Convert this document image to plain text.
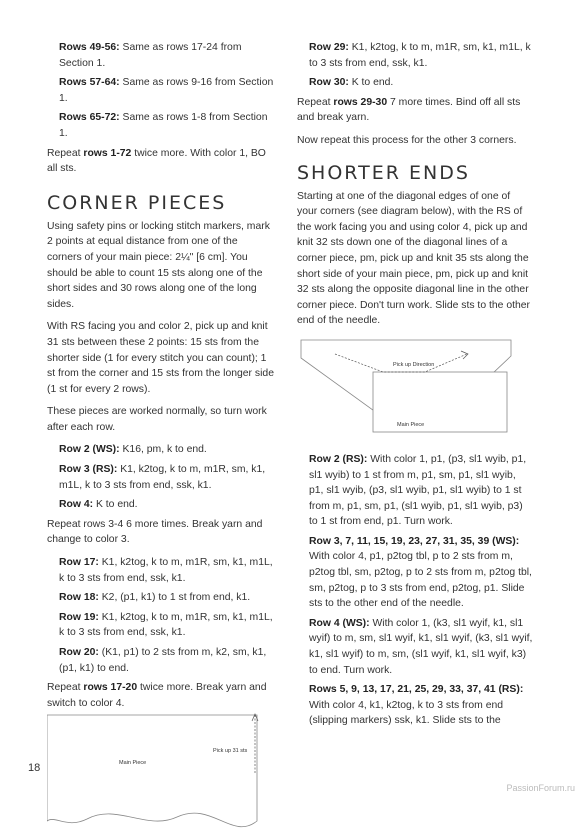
Rows 49-56: Same as rows 17-24 from Section 1.

Rows 57-64: Same as rows 9-16 from Section 1.

Rows 65-72: Same as rows 1-8 from Section 1.

Repeat rows 1-72 twice more. With color 1, BO all sts.

CORNER PIECES

Using safety pins or locking stitch markers, mark 2 points at equal distance from one of the corners of your main piece: 2¼" [6 cm]. You should be able to count 15 sts along one of the short sides and 30 rows along one of the long sides.

With RS facing you and color 2, pick up and knit 31 sts between these 2 points: 15 sts from the shorter side (1 for every stitch you can count); 1 st from the corner and 15 sts from the longer side (1 st for every 2 rows).

These pieces are worked normally, so turn work after each row.

Row 2 (WS): K16, pm, k to end.

Row 3 (RS): K1, k2tog, k to m, m1R, sm, k1, m1L, k to 3 sts from end, ssk, k1.

Row 4: K to end.

Repeat rows 3-4 6 more times. Break yarn and change to color 3.

Row 17: K1, k2tog, k to m, m1R, sm, k1, m1L, k to 3 sts from end, ssk, k1.

Row 18: K2, (p1, k1) to 1 st from end, k1.

Row 19: K1, k2tog, k to m, m1R, sm, k1, m1L, k to 3 sts from end, ssk, k1.

Row 20: (K1, p1) to 2 sts from m, k2, sm, k1, (p1, k1) to end.

Repeat rows 17-20 twice more. Break yarn and switch to color 4.

Pick up 31 sts
Main Piece

Row 29: K1, k2tog, k to m, m1R, sm, k1, m1L, k to 3 sts from end, ssk, k1.

Row 30: K to end.

Repeat rows 29-30 7 more times. Bind off all sts and break yarn.

Now repeat this process for the other 3 corners.

SHORTER ENDS

Starting at one of the diagonal edges of one of your corners (see diagram below), with the RS of the work facing you and using color 4, pick up and knit 32 sts down one of the diagonal lines of a corner piece, pm, pick up and knit 35 sts along the short side of your main piece, pm, pick up and knit 32 sts along the opposite diagonal line in the other corner piece. Don't turn work. Slide sts to the other end of the needle.

Pick up Direction
Main Piece

Row 2 (RS): With color 1, p1, (p3, sl1 wyib, p1, sl1 wyib) to 1 st from m, p1, sm, p1, sl1 wyib, p1, sl1 wyib, (p3, sl1 wyib, p1, sl1 wyib) to 1 st from m, p1, sm, p1, (sl1 wyib, p1, sl1 wyib, p3) to 1 st from end, p1. Turn work.

Row 3, 7, 11, 15, 19, 23, 27, 31, 35, 39 (WS): With color 4, p1, p2tog tbl, p to 2 sts from m, p2tog tbl, sm, p2tog, p to 2 sts from m, p2tog tbl, sm, p2tog, p to 3 sts from end, p2tog, p1. Slide sts to the other end of the needle.

Row 4 (WS): With color 1, (k3, sl1 wyif, k1, sl1 wyif) to m, sm, sl1 wyif, k1, sl1 wyif, (k3, sl1 wyif, k1, sl1 wyif) to m, sm, (sl1 wyif, k1, sl1 wyif, k3) to end. Turn work.

Rows 5, 9, 13, 17, 21, 25, 29, 33, 37, 41 (RS): With color 4, k1, k2tog, k to 3 sts from end (slipping markers) ssk, k1. Slide sts to the

18
PassionForum.ru
